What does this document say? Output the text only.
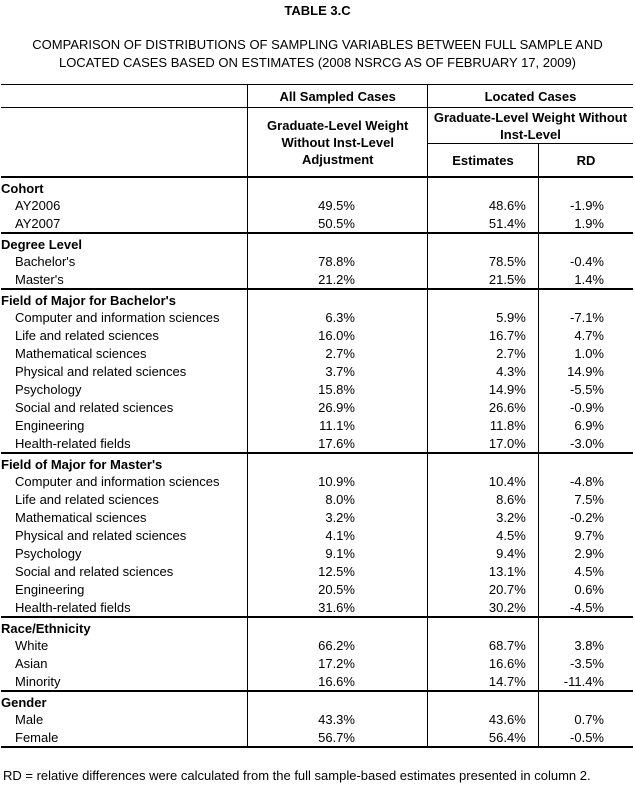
TABLE 3.C
COMPARISON OF DISTRIBUTIONS OF SAMPLING VARIABLES BETWEEN FULL SAMPLE AND
LOCATED CASES BASED ON ESTIMATES (2008 NSRCG AS OF FEBRUARY 17, 2009)
	All Sampled Cases	Located Cases	

	Graduate-Level Weight Without Inst-Level Adjustment	Graduate-Level Weight Without Inst-Level
Estimates RD	

Cohort			
AY2006	49.5%	48.6%	-1.9%
AY2007	50.5%	51.4%	1.9%
Degree Level			
Bachelor's	78.8%	78.5%	-0.4%
Master's	21.2%	21.5%	1.4%
Field of Major for Bachelor's			
Computer and information sciences	6.3%	5.9%	-7.1%
Life and related sciences	16.0%	16.7%	4.7%
Mathematical sciences	2.7%	2.7%	1.0%
Physical and related sciences	3.7%	4.3%	14.9%
Psychology	15.8%	14.9%	-5.5%
Social and related sciences	26.9%	26.6%	-0.9%
Engineering	11.1%	11.8%	6.9%
Health-related fields	17.6%	17.0%	-3.0%
Field of Major for Master's			
Computer and information sciences	10.9%	10.4%	-4.8%
Life and related sciences	8.0%	8.6%	7.5%
Mathematical sciences	3.2%	3.2%	-0.2%
Physical and related sciences	4.1%	4.5%	9.7%
Psychology	9.1%	9.4%	2.9%
Social and related sciences	12.5%	13.1%	4.5%
Engineering	20.5%	20.7%	0.6%
Health-related fields	31.6%	30.2%	-4.5%
Race/Ethnicity			
White	66.2%	68.7%	3.8%
Asian	17.2%	16.6%	-3.5%
Minority	16.6%	14.7%	-11.4%
Gender			
Male	43.3%	43.6%	0.7%
Female	56.7%	56.4%	-0.5%
RD = relative differences were calculated from the full sample-based estimates presented in column 2.
